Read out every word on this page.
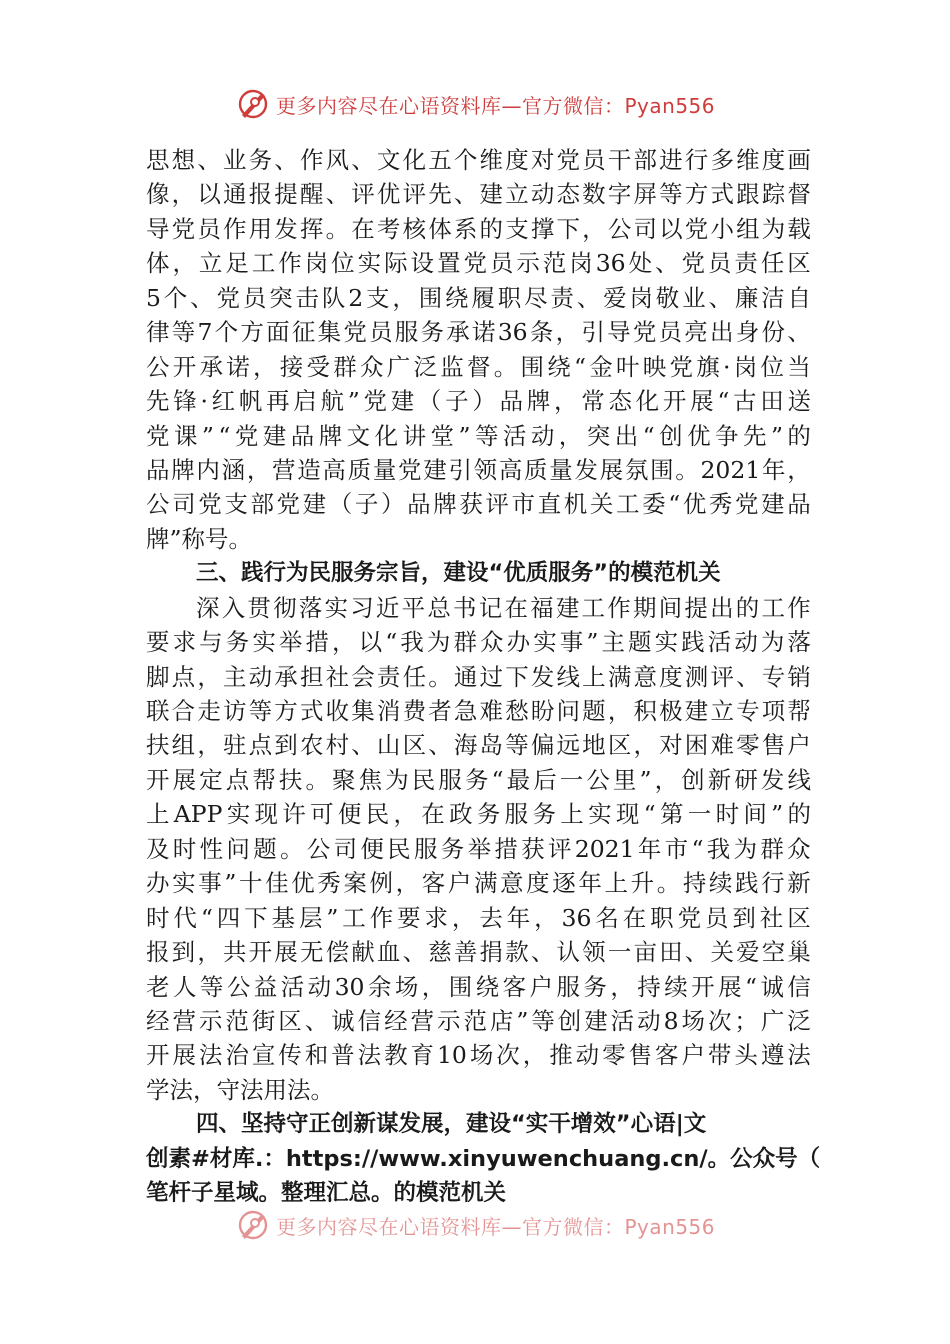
更多内容尽在心语资料库—官方微信：Pyan556
思 想 、 业 务 、 作 风 、 文 化 五 个 维 度 对 党 员 干 部 进 行 多 维 度 画
像 ， 以 通 报 提 醒 、 评 优 评 先 、 建 立 动 态 数 字 屏 等 方 式 跟 踪 督
导 党 员 作 用 发 挥 。 在 考 核 体 系 的 支 撑 下 ， 公 司 以 党 小 组 为 载
体 ， 立 足 工 作 岗 位 实 际 设 置 党 员 示 范 岗 36 处 、 党 员 责 任 区
5 个 、 党 员 突 击 队 2 支 ， 围 绕 履 职 尽 责 、 爱 岗 敬 业 、 廉 洁 自
律 等 7 个 方 面 征 集 党 员 服 务 承 诺 36 条 ， 引 导 党 员 亮 出 身 份 、
公 开 承 诺 ， 接 受 群 众 广 泛 监 督 。 围 绕 “ 金 叶 映 党 旗 · 岗 位 当
先 锋 · 红 帆 再 启 航 ” 党 建 （ 子 ） 品 牌 ， 常 态 化 开 展 “ 古 田 送
党 课 ” “ 党 建 品 牌 文 化 讲 堂 ” 等 活 动 ， 突 出 “ 创 优 争 先 ” 的
品 牌 内 涵 ， 营 造 高 质 量 党 建 引 领 高 质 量 发 展 氛 围 。 2021 年 ，
公 司 党 支 部 党 建 （ 子 ） 品 牌 获 评 市 直 机 关 工 委 “ 优 秀 党 建 品
牌”称号。
三、践行为民服务宗旨，建设“优质服务”的模范机关
深 入 贯 彻 落 实 习 近 平 总 书 记 在 福 建 工 作 期 间 提 出 的 工 作
要 求 与 务 实 举 措 ， 以 “ 我 为 群 众 办 实 事 ” 主 题 实 践 活 动 为 落
脚 点 ， 主 动 承 担 社 会 责 任 。 通 过 下 发 线 上 满 意 度 测 评 、 专 销
联 合 走 访 等 方 式 收 集 消 费 者 急 难 愁 盼 问 题 ， 积 极 建 立 专 项 帮
扶 组 ， 驻 点 到 农 村 、 山 区 、 海 岛 等 偏 远 地 区 ， 对 困 难 零 售 户
开 展 定 点 帮 扶 。 聚 焦 为 民 服 务 “ 最 后 一 公 里 ” ， 创 新 研 发 线
上 APP 实 现 许 可 便 民 ， 在 政 务 服 务 上 实 现 “ 第 一 时 间 ” 的
及 时 性 问 题 。 公 司 便 民 服 务 举 措 获 评 2021 年 市 “ 我 为 群 众
办 实 事 ” 十 佳 优 秀 案 例 ， 客 户 满 意 度 逐 年 上 升 。 持 续 践 行 新
时 代 “ 四 下 基 层 ” 工 作 要 求 ， 去 年 ， 36 名 在 职 党 员 到 社 区
报 到 ， 共 开 展 无 偿 献 血 、 慈 善 捐 款 、 认 领 一 亩 田 、 关 爱 空 巢
老 人 等 公 益 活 动 30 余 场 ， 围 绕 客 户 服 务 ， 持 续 开 展 “ 诚 信
经 营 示 范 街 区 、 诚 信 经 营 示 范 店 ” 等 创 建 活 动 8 场 次 ； 广 泛
开 展 法 治 宣 传 和 普 法 教 育 10 场 次 ， 推 动 零 售 客 户 带 头 遵 法
学法，守法用法。
四、坚持守正创新谋发展，建设“实干增效”心语|文
创素#材库.：https://www.xinyuwenchuang.cn/。公众号（
笔杆子星域。整理汇总。的模范机关
更多内容尽在心语资料库—官方微信：Pyan556
